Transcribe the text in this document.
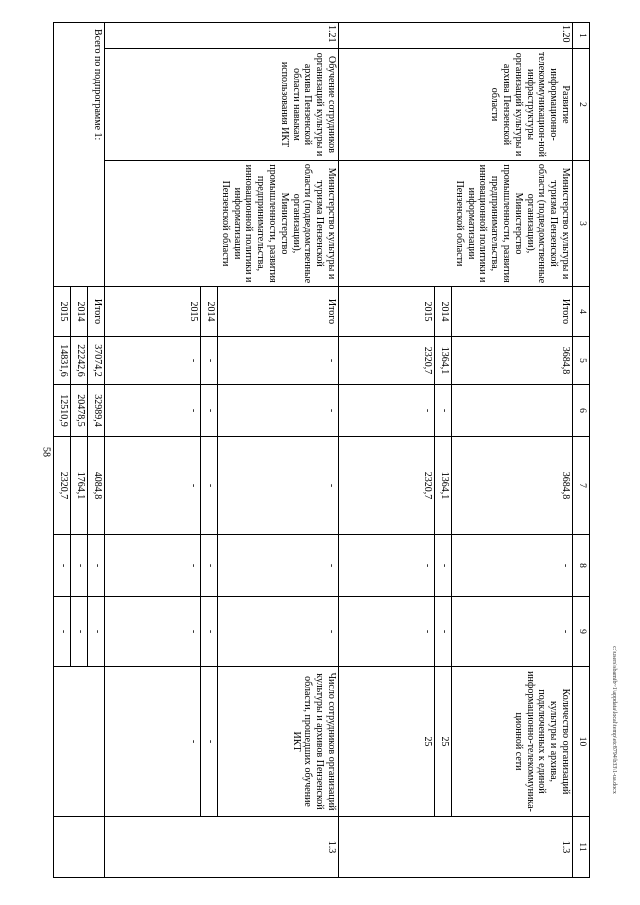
58
c:\users\sbamib~1\appdata\local\temp\etc8794\b33\1-ua.docx
1	2	3	4	5	6	7	8	9	10	11
1.20	Развитие информационно-телекоммуникацион-ной инфраструктуры организаций культуры и архива Пензенской области	Министерство культуры и туризма Пензенской области (подведомственные организации), Министерство промышленности, развития предпринимательства, инновационной политики и информатизации Пензенской области	Итого	3684,8		3684,8	-	-	Количество организаций культуры и архива, подключенных к единой информационно-телекоммуника-ционной сети	1.3
			2014	1364,1	-	1364,1	-	-	25	
			2015	2320,7	-	2320,7	-	-	25	
1.21	Обучение сотрудников организаций культуры и архива Пензенской области навыкам использования ИКТ	Министерство культуры и туризма Пензенской области (подведомственные организации), Министерство промышленности, развития предпринимательства, инновационной политики и информатизации Пензенской области	Итого	-	-	-	-	-	Число сотрудников организаций культуры и архивов Пензенской области, прошедших обучение ИКТ	1.3
			2014	-	-	-	-	-	-	
			2015	-	-	-	-	-	-	
Всего по подпрограмме 1:			Итого	37074,2	32989,4	4084,8	-	-		
			2014	22242,6	20478,5	1764,1	-	-		
			2015	14831,6	12510,9	2320,7	-	-		
